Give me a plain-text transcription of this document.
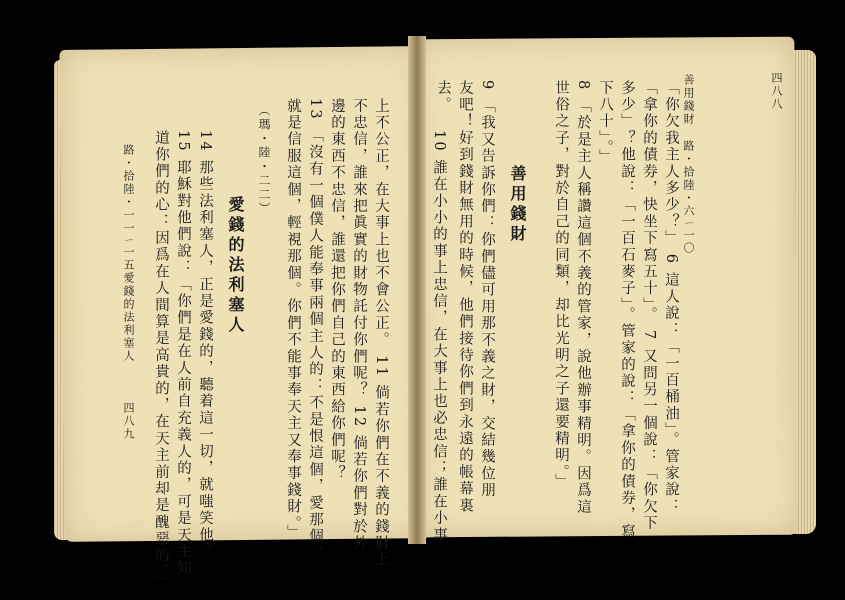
四八八
路・拾陸・六ㄧ一〇
善用錢財
「你欠我主人多少？」 6 這人說：「一百桶油」。管家說：
「拿你的債券，快坐下寫五十」。 7 又問另一個說：「你欠下
多少」？他說：「一百石麥子」。管家的說：「拿你的債券，寫
下八十」。」
8 「於是主人稱讚這個不義的管家，說他辦事精明。因爲這
世俗之子，對於自己的同類，却比光明之子還要精明。」
善用錢財
9 「我又告訴你們：你們儘可用那不義之財，交結幾位朋
友吧！好到錢財無用的時候，他們接待你們到永遠的帳幕裏
去。
10 誰在小小的事上忠信，在大事上也必忠信；誰在小事
上不公正，在大事上也不會公正。 11 倘若你們在不義的錢財上
不忠信，誰來把眞實的財物託付你們呢？ 12 倘若你們對於外
邊的東西不忠信，誰還把你們自己的東西給你們呢？
13 「沒有一個僕人能奉事兩個主人的：不是恨這個，愛那個，
就是信服這個，輕視那個。你們不能事奉天主又奉事錢財。」
（瑪・陸・二二）
愛錢的法利塞人
14 那些法利塞人，正是愛錢的，聽着這一切，就嗤笑他。
15 耶穌對他們說：「你們是在人前自充義人的，可是天主知
道你們的心：因爲在人間算是高貴的，在天主前却是醜惡的。」
路・拾陸・一一ㄧ一五
愛錢的法利塞人
四八九
